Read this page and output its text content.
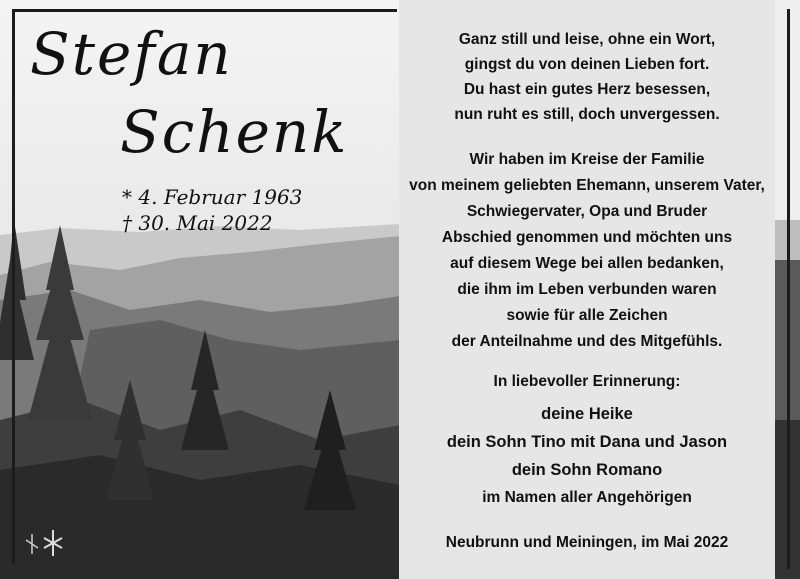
Stefan
Schenk
* 4. Februar 1963
† 30. Mai 2022
Ganz still und leise, ohne ein Wort,
gingst du von deinen Lieben fort.
Du hast ein gutes Herz besessen,
nun ruht es still, doch unvergessen.
Wir haben im Kreise der Familie
von meinem geliebten Ehemann, unserem Vater,
Schwiegervater, Opa und Bruder
Abschied genommen und möchten uns
auf diesem Wege bei allen bedanken,
die ihm im Leben verbunden waren
sowie für alle Zeichen
der Anteilnahme und des Mitgefühls.
In liebevoller Erinnerung:
deine Heike
dein Sohn Tino mit Dana und Jason
dein Sohn Romano
im Namen aller Angehörigen
Neubrunn und Meiningen, im Mai 2022
